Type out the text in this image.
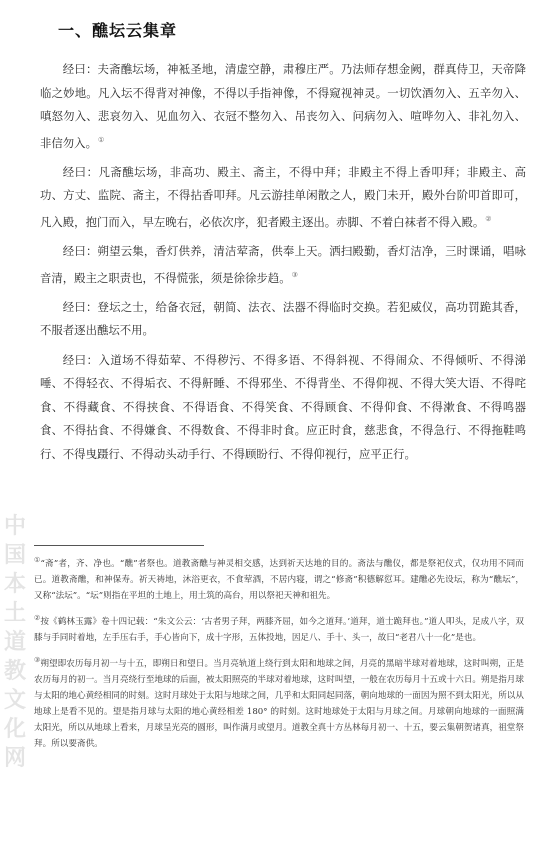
一、醮坛云集章

经曰：夫斋醮坛场，神袛圣地，清虚空静，肃穆庄严。乃法师存想金阙，群真侍卫，天帝降临之妙地。凡入坛不得背对神像，不得以手指神像，不得窥视神灵。一切饮酒勿入、五辛勿入、嗔怒勿入、悲哀勿入、见血勿入、衣冠不整勿入、吊丧勿入、问病勿入、喧哗勿入、非礼勿入、非信勿入。①

经曰：凡斋醮坛场，非高功、殿主、斋主，不得中拜；非殿主不得上香叩拜；非殿主、高功、方丈、监院、斋主，不得拈香叩拜。凡云游挂单闲散之人，殿门未开，殿外台阶叩首即可，凡入殿，抱门而入，早左晚右，必依次序，犯者殿主逐出。赤脚、不着白袜者不得入殿。②

经曰：朔望云集，香灯供养，清洁荤斋，供奉上天。洒扫殿勤，香灯洁净，三时课诵，唱咏音清，殿主之职责也，不得慌张，须是徐徐步趋。③

经曰：登坛之士，给备衣冠，朝简、法衣、法器不得临时交换。若犯威仪，高功罚跪其香，不服者逐出醮坛不用。

经曰：入道场不得茹荤、不得秽污、不得多语、不得斜视、不得闹众、不得倾听、不得涕唾、不得轻衣、不得垢衣、不得鼾睡、不得邪坐、不得背坐、不得仰视、不得大笑大语、不得咤食、不得藏食、不得挟食、不得语食、不得笑食、不得顾食、不得仰食、不得漱食、不得鸣器食、不得拈食、不得嫌食、不得数食、不得非时食。应正时食，慈悲食，不得急行、不得拖鞋鸣行、不得曳蹑行、不得动头动手行、不得顾盼行、不得仰视行，应平正行。

①“斋”者，齐、净也。“醮”者祭也。道教斋醮与神灵相交感，达到祈天达地的目的。斋法与醮仪，都是祭祀仪式，仅功用不同而已。道教斋醮，和神保寿。祈天祷地，沐浴更衣，不食荤酒，不居内寝，谓之“修斋”积德解愆耳。建醮必先设坛，称为“醮坛”，又称“法坛”。“坛”则指在平坦的土地上，用土筑的高台，用以祭祀天神和祖先。

②按《鹤林玉露》卷十四记载：“朱文公云：‘古者男子拜，两膝齐屈，如今之道拜。’道拜，道士跪拜也。”道人叩头，足成八字，双膝与手同时着地，左手压右手，手心皆向下，成十字形，五体投地，因足八、手十、头一，故曰“老君八十一化”是也。

③朔望即农历每月初一与十五，即朔日和望日。当月亮轨道上绕行到太阳和地球之间，月亮的黑暗半球对着地球，这时叫朔，正是农历每月的初一。当月亮绕行至地球的后面，被太阳照亮的半球对着地球，这时叫望，一般在农历每月十五或十六日。朔是指月球与太阳的地心黄经相同的时刻。这时月球处于太阳与地球之间，几乎和太阳同起同落，朝向地球的一面因为照不到太阳光，所以从地球上是看不见的。望是指月球与太阳的地心黄经相差 180° 的时刻。这时地球处于太阳与月球之间。月球朝向地球的一面照满太阳光，所以从地球上看来，月球呈光亮的圆形，叫作满月或望月。道教全真十方丛林每月初一、十五，要云集朝贺诸真，祖堂祭拜。所以要斋供。

中
国
本
土
道
教
文
化
网
